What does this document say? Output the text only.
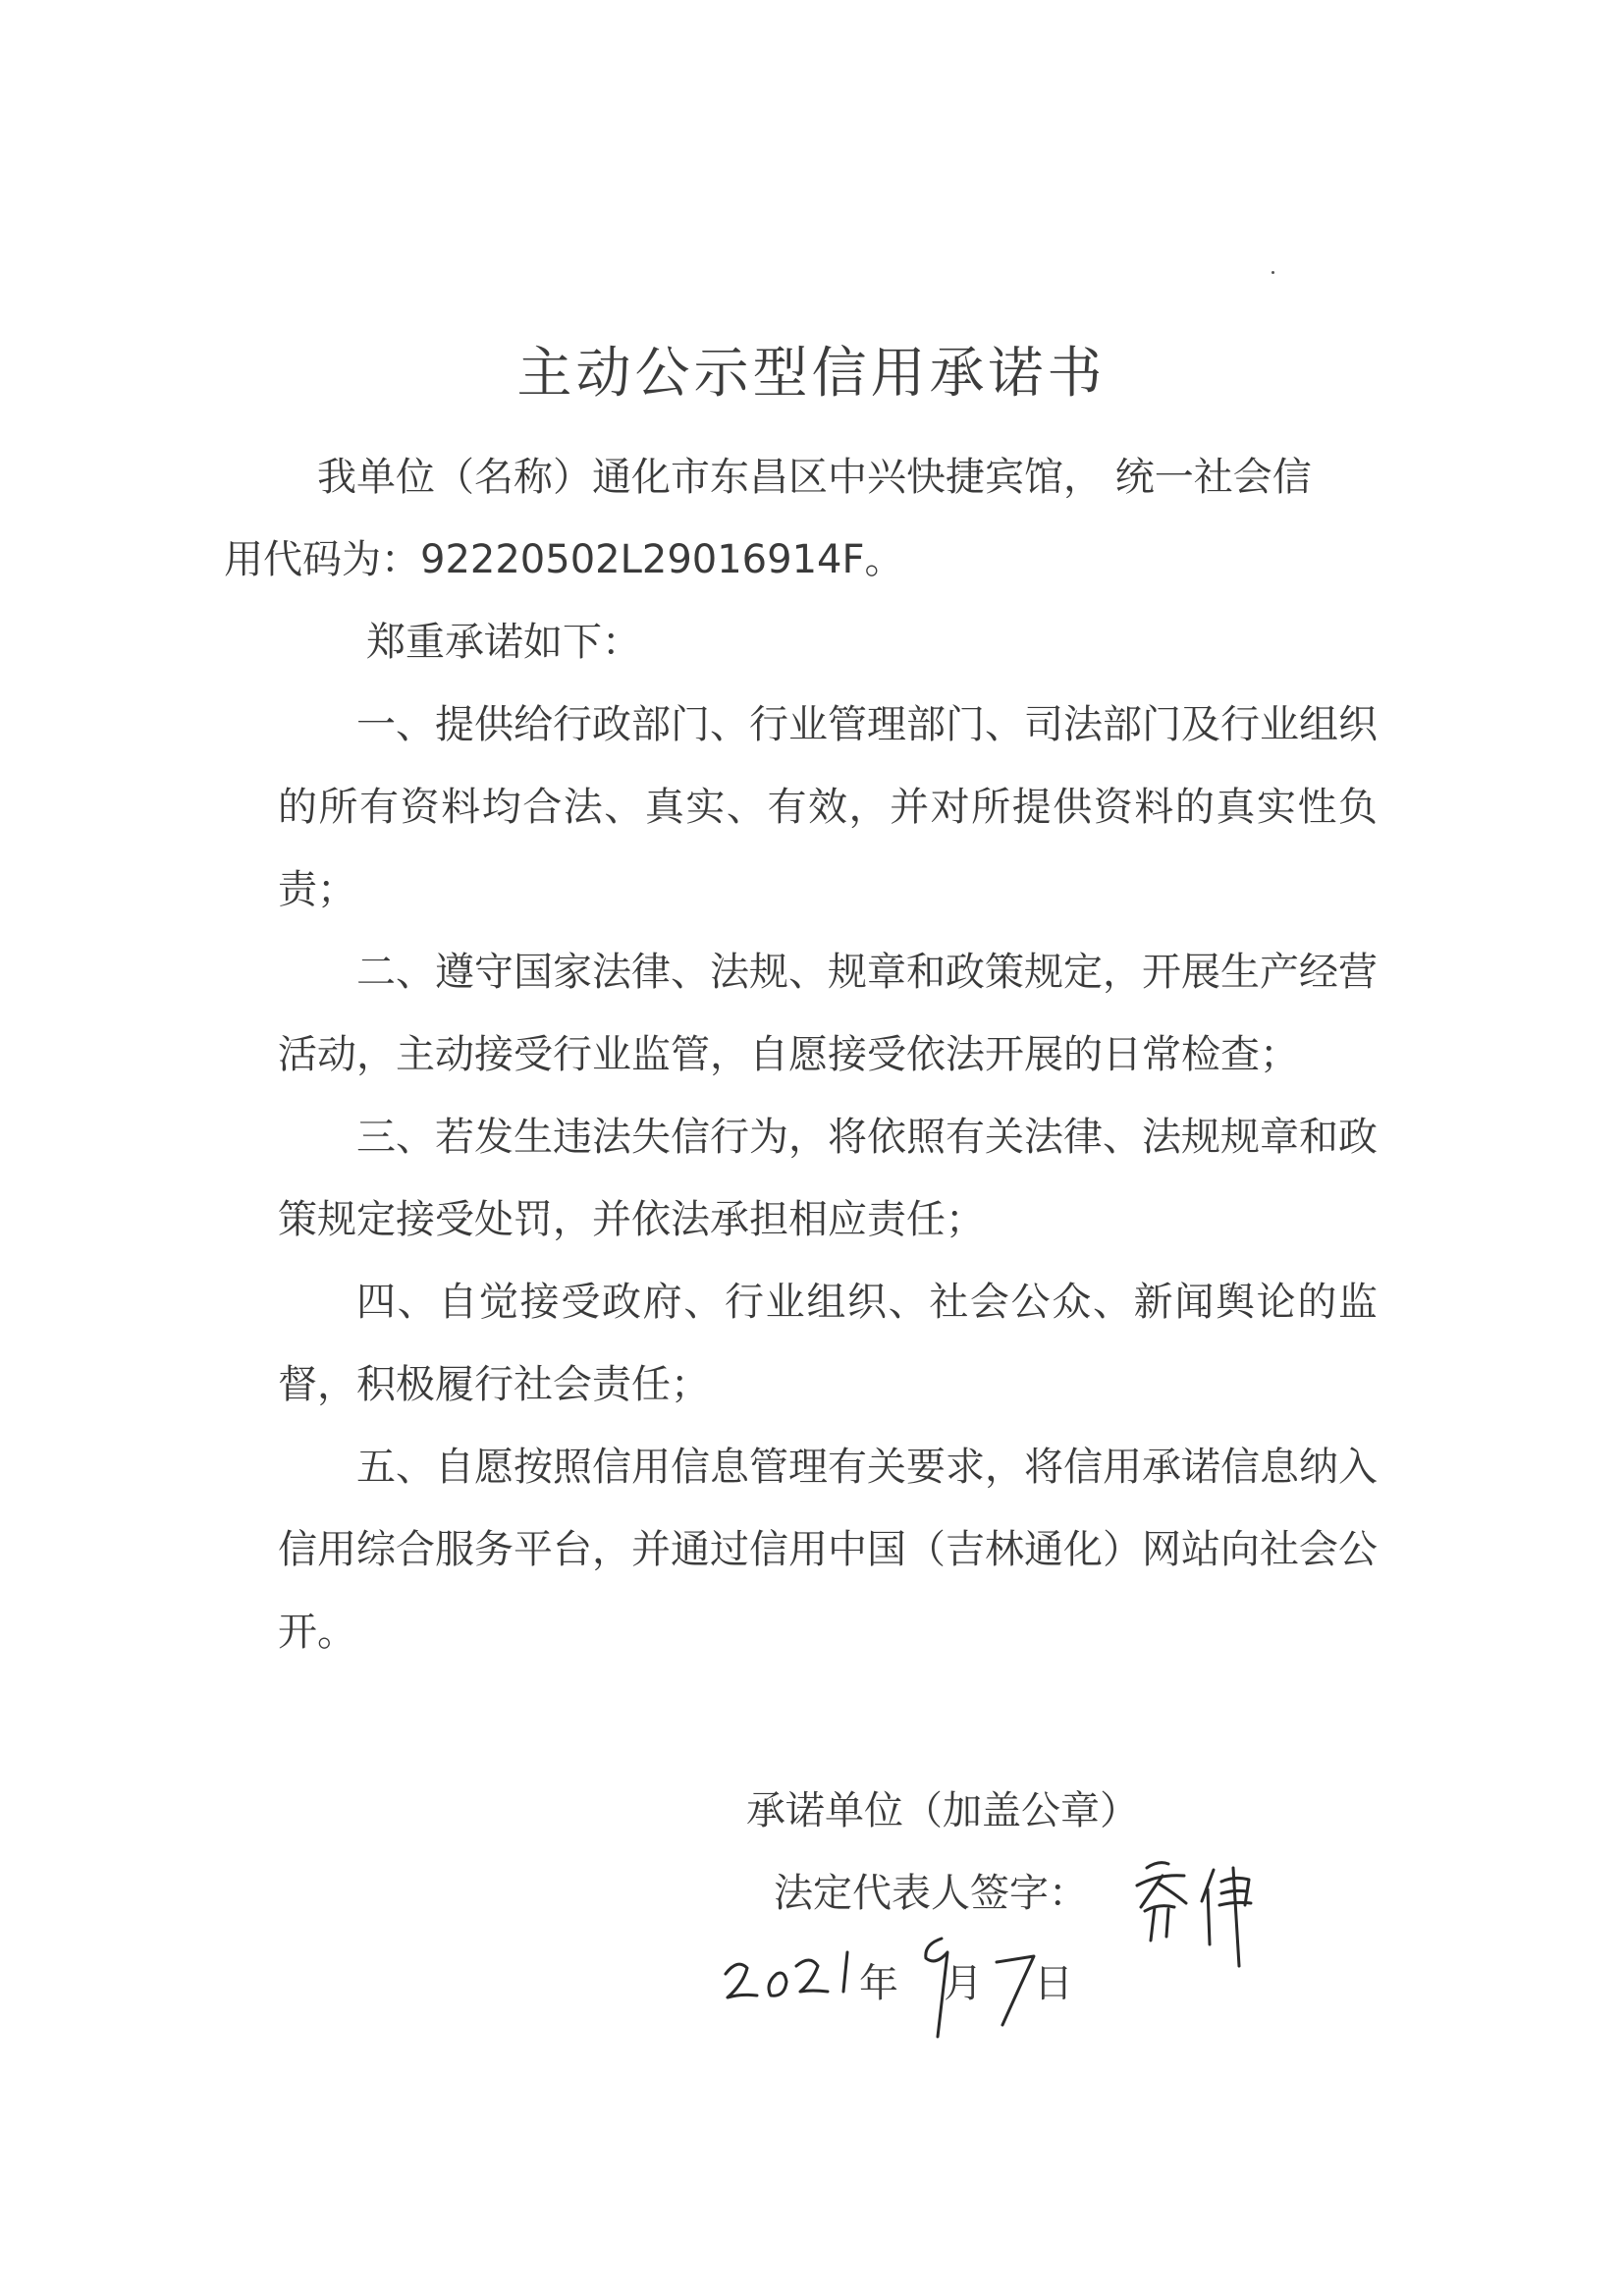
主动公示型信用承诺书

我单位（名称）通化市东昌区中兴快捷宾馆， 统一社会信

用代码为：92220502L29016914F。

郑重承诺如下：

一、提供给行政部门、行业管理部门、司法部门及行业组织的所有资料均合法、真实、有效，并对所提供资料的真实性负责；

二、遵守国家法律、法规、规章和政策规定，开展生产经营活动，主动接受行业监管，自愿接受依法开展的日常检查；

三、若发生违法失信行为，将依照有关法律、法规规章和政策规定接受处罚，并依法承担相应责任；

四、自觉接受政府、行业组织、社会公众、新闻舆论的监督，积极履行社会责任；

五、自愿按照信用信息管理有关要求，将信用承诺信息纳入信用综合服务平台，并通过信用中国（吉林通化）网站向社会公开。

承诺单位（加盖公章）
法定代表人签字：
年 月 日
